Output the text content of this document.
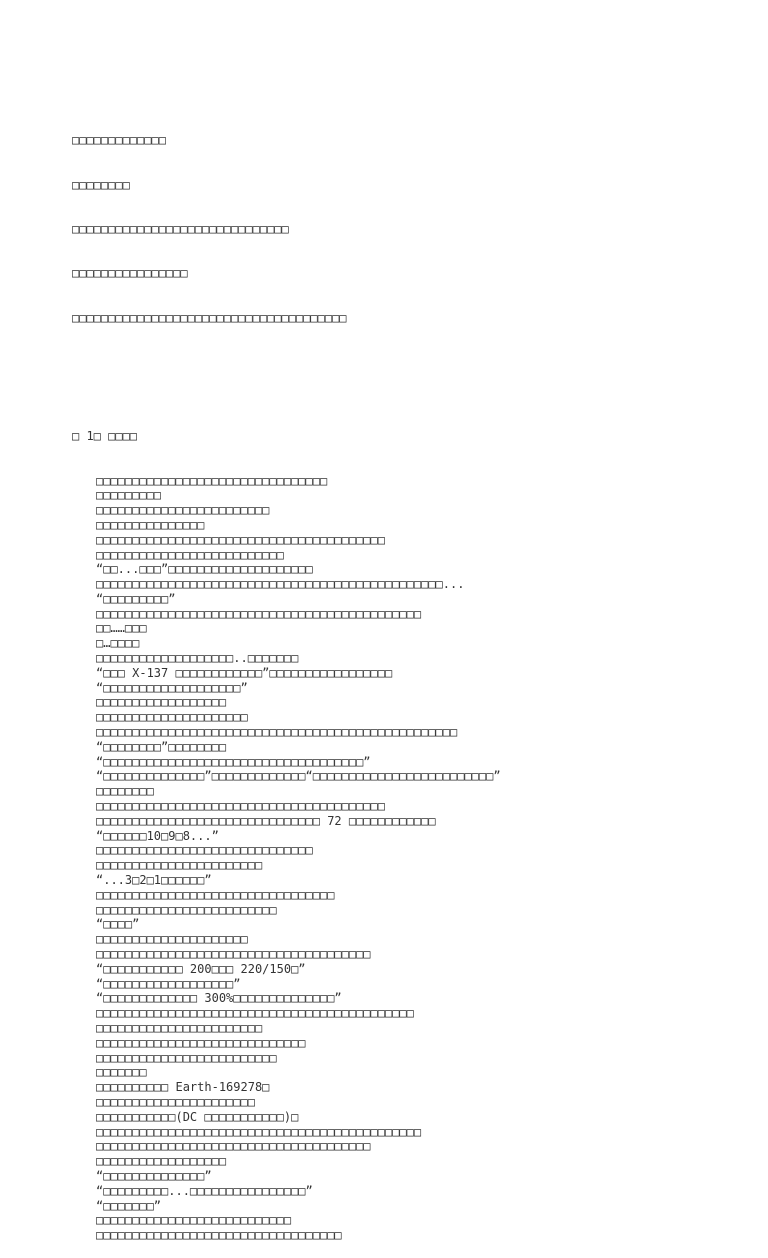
□□□□□□□□□□□□□

□□□□□□□□

□□□□□□□□□□□□□□□□□□□□□□□□□□□□□□

□□□□□□□□□□□□□□□□

□□□□□□□□□□□□□□□□□□□□□□□□□□□□□□□□□□□□□□

□ 1□ □□□□

□□□□□□□□□□□□□□□□□□□□□□□□□□□□□□□□
□□□□□□□□□
□□□□□□□□□□□□□□□□□□□□□□□□
□□□□□□□□□□□□□□□
□□□□□□□□□□□□□□□□□□□□□□□□□□□□□□□□□□□□□□□□
□□□□□□□□□□□□□□□□□□□□□□□□□□
“□□...□□□”□□□□□□□□□□□□□□□□□□□□
□□□□□□□□□□□□□□□□□□□□□□□□□□□□□□□□□□□□□□□□□□□□□□□□...
“□□□□□□□□□”
□□□□□□□□□□□□□□□□□□□□□□□□□□□□□□□□□□□□□□□□□□□□□
□□……□□□
□…□□□□
□□□□□□□□□□□□□□□□□□□..□□□□□□□
“□□□ X-137 □□□□□□□□□□□□”□□□□□□□□□□□□□□□□□
“□□□□□□□□□□□□□□□□□□□”
□□□□□□□□□□□□□□□□□□
□□□□□□□□□□□□□□□□□□□□□
□□□□□□□□□□□□□□□□□□□□□□□□□□□□□□□□□□□□□□□□□□□□□□□□□□
“□□□□□□□□”□□□□□□□□
“□□□□□□□□□□□□□□□□□□□□□□□□□□□□□□□□□□□□”
“□□□□□□□□□□□□□□”□□□□□□□□□□□□□“□□□□□□□□□□□□□□□□□□□□□□□□□”
□□□□□□□□
□□□□□□□□□□□□□□□□□□□□□□□□□□□□□□□□□□□□□□□□
□□□□□□□□□□□□□□□□□□□□□□□□□□□□□□□ 72 □□□□□□□□□□□□
“□□□□□□10□9□8...”
□□□□□□□□□□□□□□□□□□□□□□□□□□□□□□
□□□□□□□□□□□□□□□□□□□□□□□
“...3□2□1□□□□□□”
□□□□□□□□□□□□□□□□□□□□□□□□□□□□□□□□□
□□□□□□□□□□□□□□□□□□□□□□□□□
“□□□□”
□□□□□□□□□□□□□□□□□□□□□
□□□□□□□□□□□□□□□□□□□□□□□□□□□□□□□□□□□□□□
“□□□□□□□□□□□ 200□□□ 220/150□”
“□□□□□□□□□□□□□□□□□□”
“□□□□□□□□□□□□□ 300%□□□□□□□□□□□□□□”
□□□□□□□□□□□□□□□□□□□□□□□□□□□□□□□□□□□□□□□□□□□□
□□□□□□□□□□□□□□□□□□□□□□□
□□□□□□□□□□□□□□□□□□□□□□□□□□□□□
□□□□□□□□□□□□□□□□□□□□□□□□□
□□□□□□□
□□□□□□□□□□ Earth-169278□
□□□□□□□□□□□□□□□□□□□□□□
□□□□□□□□□□□(DC □□□□□□□□□□□)□
□□□□□□□□□□□□□□□□□□□□□□□□□□□□□□□□□□□□□□□□□□□□□
□□□□□□□□□□□□□□□□□□□□□□□□□□□□□□□□□□□□□□
□□□□□□□□□□□□□□□□□□
“□□□□□□□□□□□□□□”
“□□□□□□□□□...□□□□□□□□□□□□□□□□”
“□□□□□□□”
□□□□□□□□□□□□□□□□□□□□□□□□□□□
□□□□□□□□□□□□□□□□□□□□□□□□□□□□□□□□□□
